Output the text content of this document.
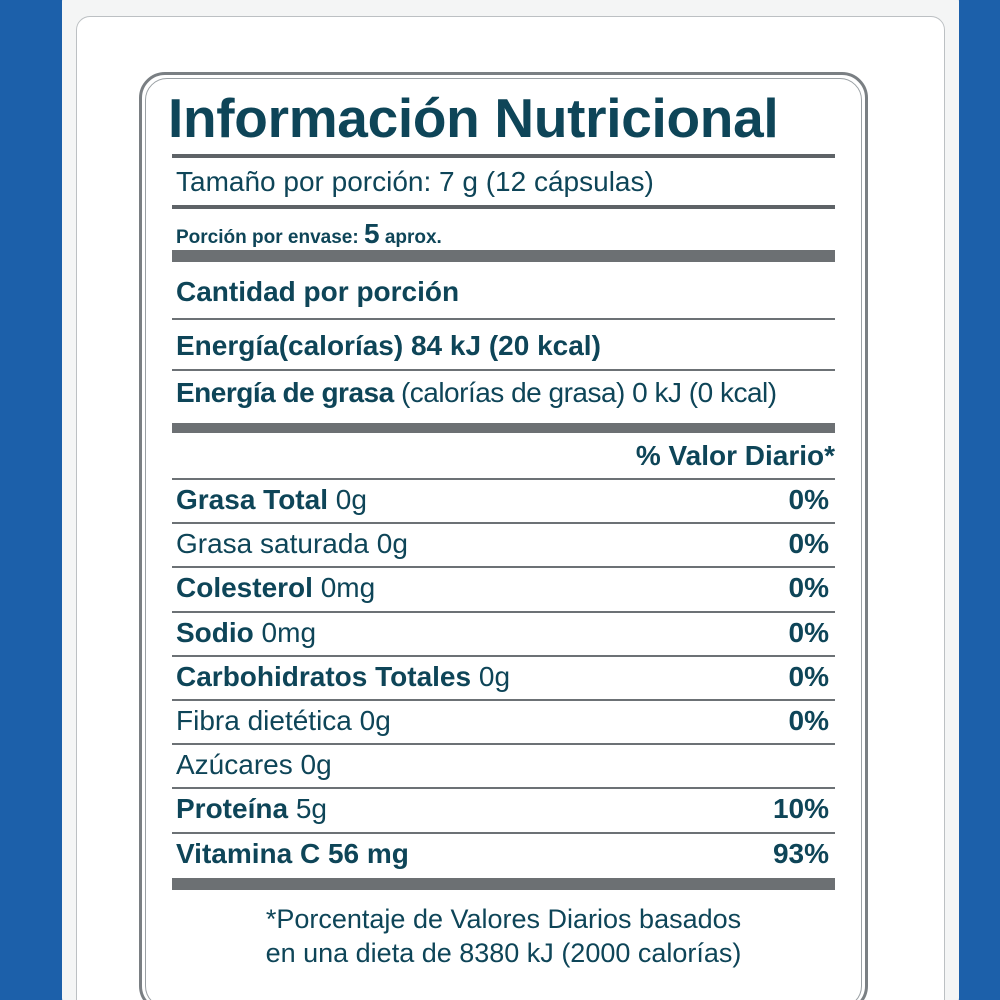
Información Nutricional
Tamaño por porción: 7 g (12 cápsulas)
Porción por envase: 5 aprox.
Cantidad por porción
Energía(calorías) 84 kJ (20 kcal)
Energía de grasa (calorías de grasa) 0 kJ (0 kcal)
% Valor Diario*
Grasa Total 0g	0%
Grasa saturada 0g	0%
Colesterol 0mg	0%
Sodio 0mg	0%
Carbohidratos Totales 0g	0%
Fibra dietética 0g	0%
Azúcares 0g
Proteína 5g	10%
Vitamina C 56 mg	93%
*Porcentaje de Valores Diarios basados
en una dieta de 8380 kJ (2000 calorías)
